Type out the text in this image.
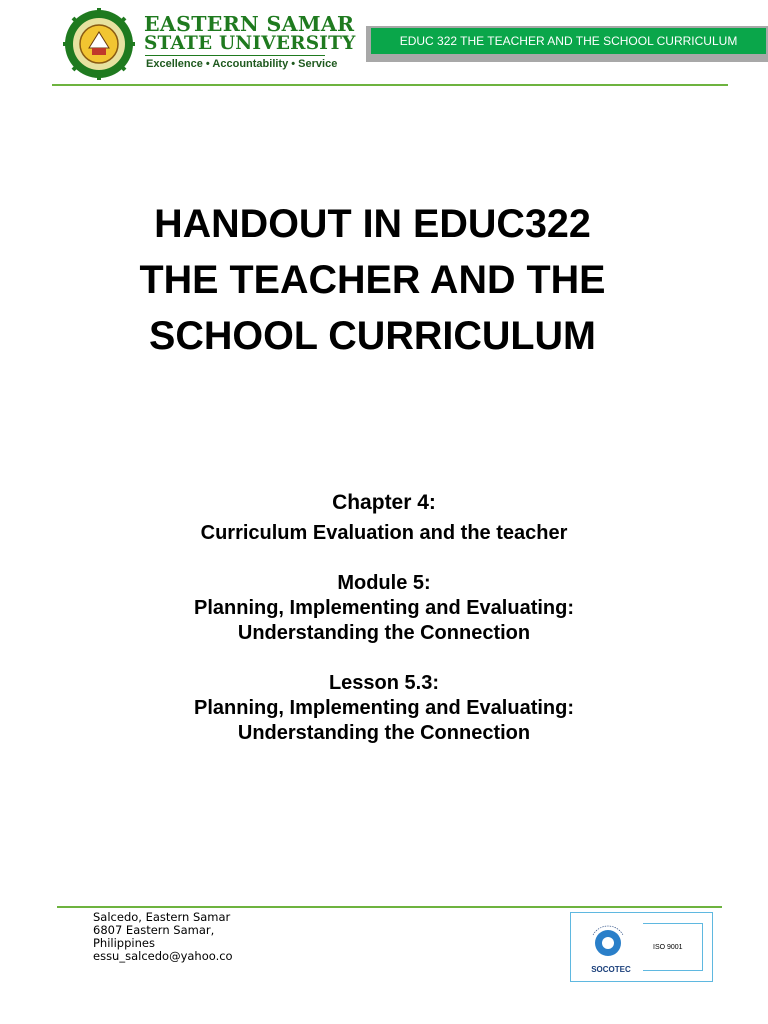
EASTERN SAMAR
STATE UNIVERSITY
Excellence • Accountability • Service
EDUC 322 THE TEACHER AND THE SCHOOL CURRICULUM
HANDOUT IN EDUC322
THE TEACHER AND THE
SCHOOL CURRICULUM
Chapter 4:
Curriculum Evaluation and the teacher
Module 5:
Planning, Implementing and Evaluating:
Understanding the Connection
Lesson 5.3:
Planning, Implementing and Evaluating:
Understanding the Connection
Salcedo, Eastern Samar
6807 Eastern Samar,
Philippines
essu_salcedo@yahoo.co
SOCOTEC
ISO 9001
